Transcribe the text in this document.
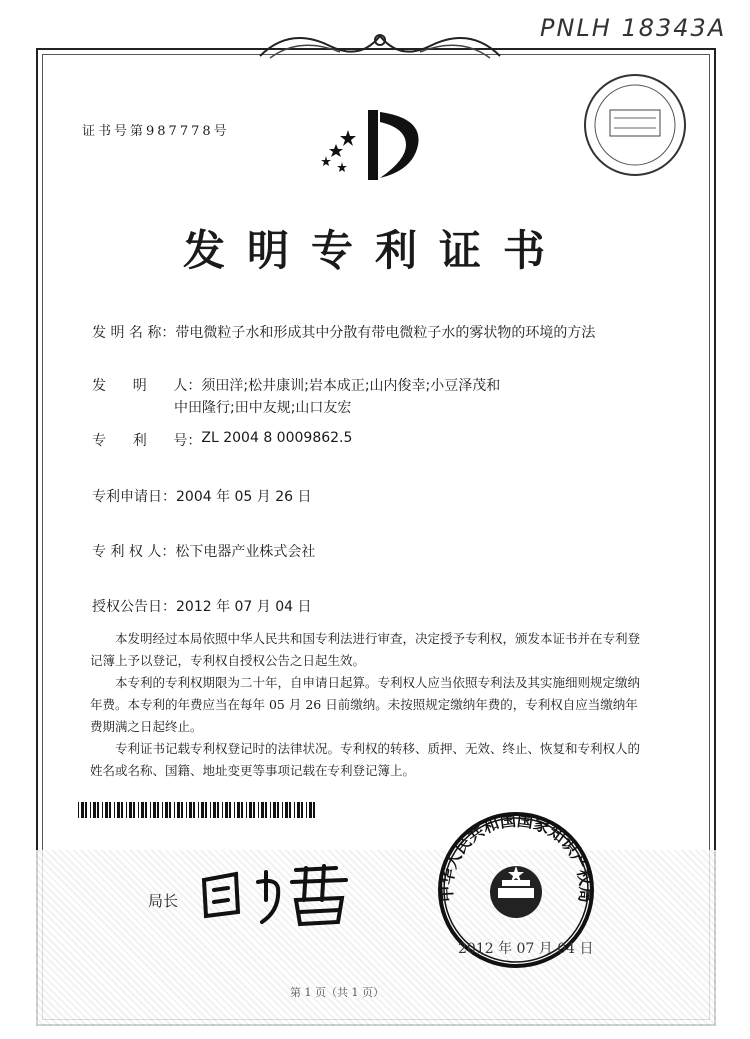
PNLH 18343A
证书号第987778号
发明专利证书
发 明 名 称： 带电微粒子水和形成其中分散有带电微粒子水的雾状物的环境的方法
发      明      人： 须田洋;松井康训;岩本成正;山内俊幸;小豆泽茂和
中田隆行;田中友规;山口友宏
专      利      号： ZL 2004 8 0009862.5
专利申请日： 2004 年 05 月 26 日
专 利 权 人： 松下电器产业株式会社
授权公告日： 2012 年 07 月 04 日

本发明经过本局依照中华人民共和国专利法进行审查，决定授予专利权，颁发本证书并在专利登记簿上予以登记，专利权自授权公告之日起生效。

本专利的专利权期限为二十年，自申请日起算。专利权人应当依照专利法及其实施细则规定缴纳年费。本专利的年费应当在每年 05 月 26 日前缴纳。未按照规定缴纳年费的，专利权自应当缴纳年费期满之日起终止。

专利证书记载专利权登记时的法律状况。专利权的转移、质押、无效、终止、恢复和专利权人的姓名或名称、国籍、地址变更等事项记载在专利登记簿上。

局长	中华人民共和国国家知识产权局
2012 年 07 月 04 日
第 1 页（共 1 页）
